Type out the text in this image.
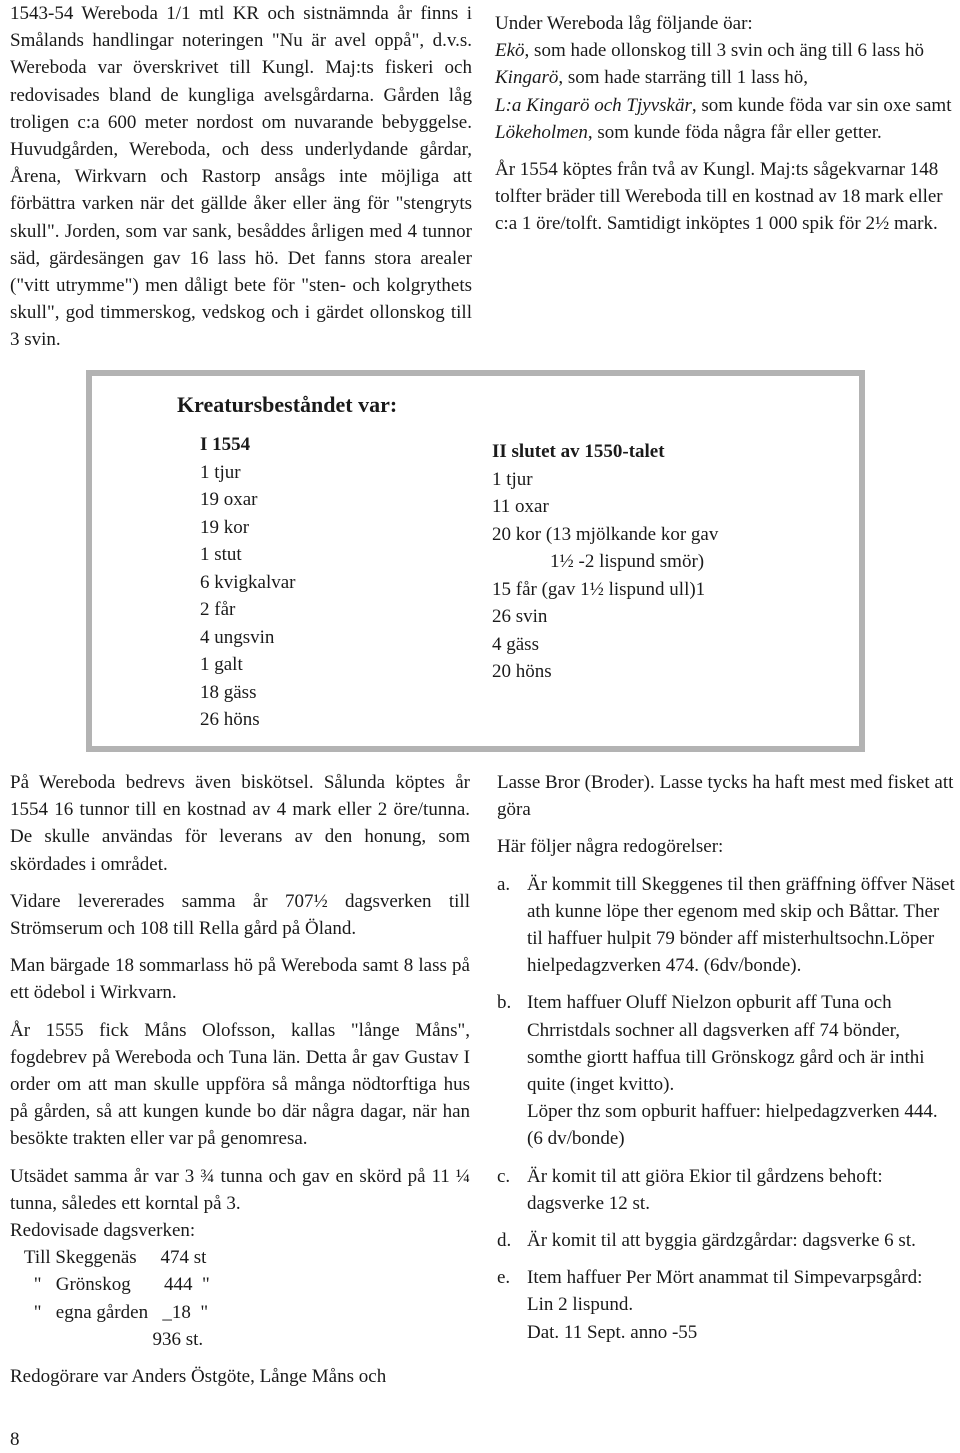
1543-54 Wereboda 1/1 mtl KR och sistnämnda år finns i Smålands handlingar noteringen "Nu är avel oppå", d.v.s. Wereboda var överskrivet till Kungl. Maj:ts fiskeri och redovisades bland de kungliga avelsgårdarna. Gården låg troligen c:a 600 meter nordost om nuvarande bebyggelse. Huvudgården, Wereboda, och dess underlydande gårdar, Årena, Wirkvarn och Rastorp ansågs inte möjliga att förbättra varken när det gällde åker eller äng för "stengryts skull". Jorden, som var sank, besåddes årligen med 4 tunnor säd, gärdesängen gav 16 lass hö. Det fanns stora arealer ("vitt utrymme") men dåligt bete för "sten- och kolgrythets skull", god timmerskog, vedskog och i gärdet ollonskog till 3 svin.

Under Wereboda låg följande öar:

Ekö, som hade ollonskog till 3 svin och äng till 6 lass hö

Kingarö, som hade starräng till 1 lass hö,

L:a Kingarö och Tjyvskär, som kunde föda var sin oxe samt

Lökeholmen, som kunde föda några får eller getter.

År 1554 köptes från två av Kungl. Maj:ts sågekvarnar 148 tolfter bräder till Wereboda till en kostnad av 18 mark eller c:a 1 öre/tolft. Samtidigt inköptes 1 000 spik för 2½ mark.

Kreatursbeståndet var:
I 1554
1 tjur
19 oxar
19 kor
1 stut
6 kvigkalvar
2 får
4 ungsvin
1 galt
18 gäss
26 höns
II slutet av 1550-talet
1 tjur
11 oxar
20 kor (13 mjölkande kor gav
1½ -2 lispund smör)
15 får (gav 1½ lispund ull)1
26 svin
4 gäss
20 höns

På Wereboda bedrevs även biskötsel. Sålunda köptes år 1554 16 tunnor till en kostnad av 4 mark eller 2 öre/tunna. De skulle användas för leverans av den honung, som skördades i området.

Vidare levererades samma år 707½ dagsverken till Strömserum och 108 till Rella gård på Öland.

Man bärgade 18 sommarlass hö på Wereboda samt 8 lass på ett ödebol i Wirkvarn.

År 1555 fick Måns Olofsson, kallas "långe Måns", fogdebrev på Wereboda och Tuna län. Detta år gav Gustav I order om att man skulle uppföra så många nödtorftiga hus på gården, så att kungen kunde bo där några dagar, när han besökte trakten eller var på genomresa.

Utsädet samma år var 3 ¾ tunna och gav en skörd på 11 ¼ tunna, således ett korntal på 3.

Redovisade dagsverken:

Till Skeggenäs     474 st
"   Grönskog       444  "
"   egna gården   _18  "
936 st.

Redogörare var Anders Östgöte, Långe Måns och

Lasse Bror (Broder). Lasse tycks ha haft mest med fisket att göra

Här följer några redogörelser:

a. Är kommit till Skeggenes til then gräffning öffver Näset ath kunne löpe ther egenom med skip och Båttar. Ther til haffuer hulpit 79 bönder aff misterhultsochn.Löper hielpedagzverken 474. (6dv/bonde).
b. Item haffuer Oluff Nielzon opburit aff Tuna och Chrristdals sochner all dagsverken aff 74 bönder, somthe giortt haffua till Grönskogz gård och är inthi quite (inget kvitto).
Löper thz som opburit haffuer: hielpedagzverken 444. (6 dv/bonde)
c. Är komit til att giöra Ekior til gårdzens behoft: dagsverke 12 st.
d. Är komit til att byggia gärdzgårdar: dagsverke 6 st.
e. Item haffuer Per Mört anammat til Simpevarpsgård:
Lin 2 lispund.
Dat. 11 Sept. anno -55
8
